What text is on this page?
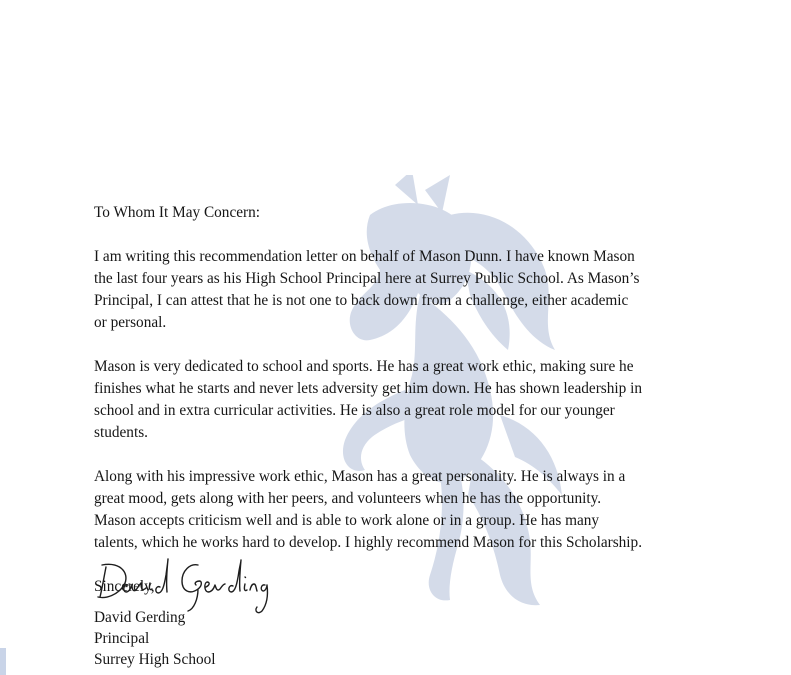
To Whom It May Concern:

I am writing this recommendation letter on behalf of Mason Dunn. I have known Mason
the last four years as his High School Principal here at Surrey Public School. As Mason’s
Principal, I can attest that he is not one to back down from a challenge, either academic
or personal.

Mason is very dedicated to school and sports. He has a great work ethic, making sure he
finishes what he starts and never lets adversity get him down. He has shown leadership in
school and in extra curricular activities. He is also a great role model for our younger
students.

Along with his impressive work ethic, Mason has a great personality. He is always in a
great mood, gets along with her peers, and volunteers when he has the opportunity.
Mason accepts criticism well and is able to work alone or in a group. He has many
talents, which he works hard to develop. I highly recommend Mason for this Scholarship.

Sincerely,

David Gerding
Principal
Surrey High School
